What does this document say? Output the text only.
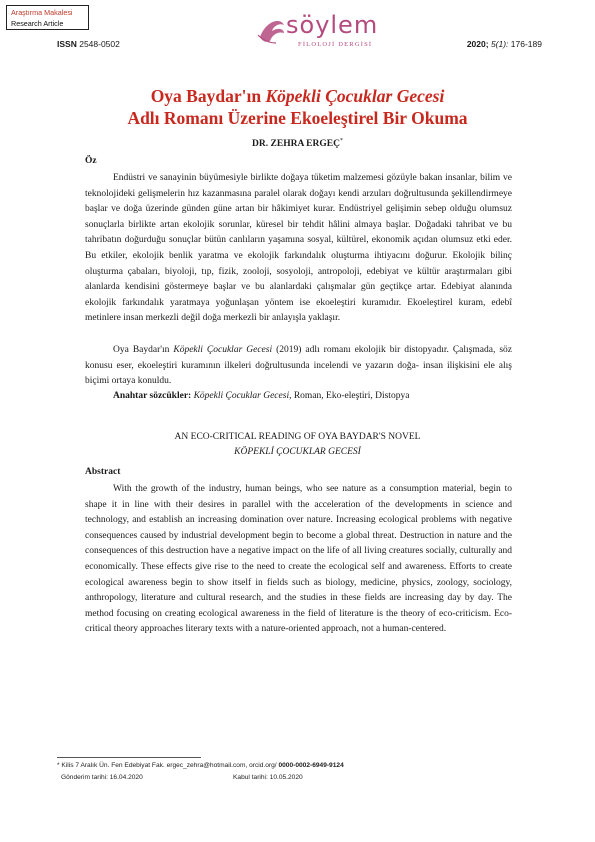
Araştırma Makalesi
Research Article	söylem
FİLOLOJİ DERGİSİ
ISSN 2548-0502	2020; 5(1): 176-189
Oya Baydar'ın Köpekli Çocuklar Gecesi
Adlı Romanı Üzerine Ekoeleştirel Bir Okuma
DR. ZEHRA ERGEÇ*
Öz
Endüstri ve sanayinin büyümesiyle birlikte doğaya tüketim malzemesi gözüyle bakan insanlar, bilim ve teknolojideki gelişmelerin hız kazanmasına paralel olarak doğayı kendi arzuları doğrultusunda şekillendirmeye başlar ve doğa üzerinde günden güne artan bir hâkimiyet kurar. Endüstriyel gelişimin sebep olduğu olumsuz sonuçlarla birlikte artan ekolojik sorunlar, küresel bir tehdit hâlini almaya başlar. Doğadaki tahribat ve bu tahribatın doğurduğu sonuçlar bütün canlıların yaşamına sosyal, kültürel, ekonomik açıdan olumsuz etki eder. Bu etkiler, ekolojik benlik yaratma ve ekolojik farkındalık oluşturma ihtiyacını doğurur. Ekolojik bilinç oluşturma çabaları, biyoloji, tıp, fizik, zooloji, sosyoloji, antropoloji, edebiyat ve kültür araştırmaları gibi alanlarda kendisini göstermeye başlar ve bu alanlardaki çalışmalar gün geçtikçe artar. Edebiyat alanında ekolojik farkındalık yaratmaya yoğunlaşan yöntem ise ekoeleştiri kuramıdır. Ekoeleştirel kuram, edebî metinlere insan merkezli değil doğa merkezli bir anlayışla yaklaşır.
Oya Baydar'ın Köpekli Çocuklar Gecesi (2019) adlı romanı ekolojik bir distopyadır. Çalışmada, söz konusu eser, ekoeleştiri kuramının ilkeleri doğrultusunda incelendi ve yazarın doğa- insan ilişkisini ele alış biçimi ortaya konuldu.
Anahtar sözcükler: Köpekli Çocuklar Gecesi, Roman, Eko-eleştiri, Distopya
AN ECO-CRITICAL READING OF OYA BAYDAR'S NOVEL
KÖPEKLİ ÇOCUKLAR GECESİ
Abstract
With the growth of the industry, human beings, who see nature as a consumption material, begin to shape it in line with their desires in parallel with the acceleration of the developments in science and technology, and establish an increasing domination over nature. Increasing ecological problems with negative consequences caused by industrial development begin to become a global threat. Destruction in nature and the consequences of this destruction have a negative impact on the life of all living creatures socially, culturally and economically. These effects give rise to the need to create the ecological self and awareness. Efforts to create ecological awareness begin to show itself in fields such as biology, medicine, physics, zoology, sociology, anthropology, literature and cultural research, and the studies in these fields are increasing day by day. The method focusing on creating ecological awareness in the field of literature is the theory of eco-criticism. Eco-critical theory approaches literary texts with a nature-oriented approach, not a human-centered.
* Kilis 7 Aralık Ün. Fen Edebiyat Fak. ergec_zehra@hotmail.com, orcid.org/ 0000-0002-6949-9124
Gönderim tarihi: 16.04.2020	Kabul tarihi: 10.05.2020
